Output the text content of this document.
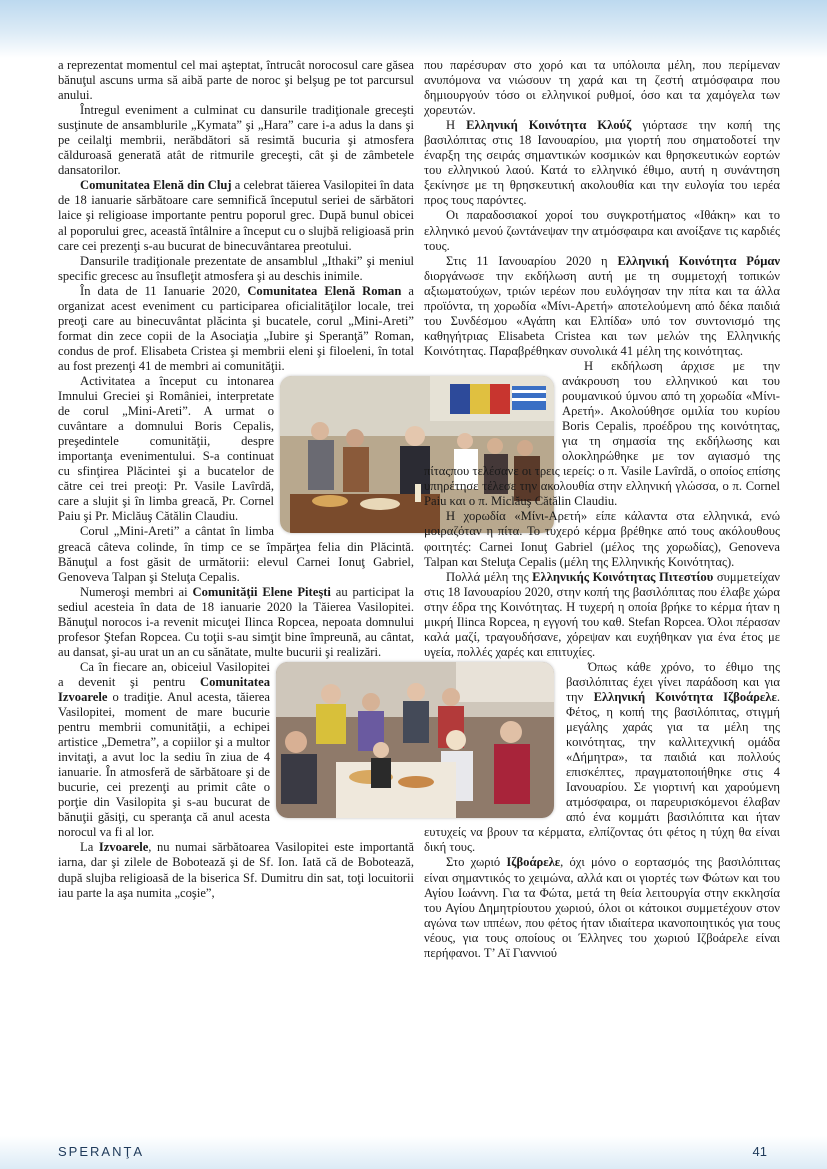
a reprezentat momentul cel mai aşteptat, întrucât norocosul care găsea bănuţul ascuns urma să aibă parte de noroc şi belşug pe tot parcursul anului.

Întregul eveniment a culminat cu dansurile tradiţionale greceşti susţinute de ansamblurile „Kymata” şi „Hara” care i-a adus la dans şi pe ceilalţi membrii, nerăbdători să resimtă bucuria şi atmosfera călduroasă generată atât de ritmurile greceşti, cât şi de zâmbetele dansatorilor.

Comunitatea Elenă din Cluj a celebrat tăierea Vasilopitei în data de 18 ianuarie sărbătoare care semnifică începutul seriei de sărbători laice şi religioase importante pentru poporul grec. După bunul obicei al poporului grec, această întâlnire a început cu o slujbă religioasă prin care cei prezenţi s-au bucurat de binecuvântarea preotului.

Dansurile tradiţionale prezentate de ansamblul „Ithaki” şi meniul specific grecesc au însufleţit atmosfera şi au deschis inimile.

În data de 11 Ianuarie 2020, Comunitatea Elenă Roman a organizat acest eveniment cu participarea oficialităţilor locale, trei preoţi care au binecuvântat plăcinta şi bucatele, corul „Mini-Areti” format din zece copii de la Asociaţia „Iubire şi Speranţă” Roman, condus de prof. Elisabeta Cristea şi membrii eleni şi filoeleni, în total au fost prezenţi 41 de membri ai comunităţii.

Activitatea a început cu intonarea Imnului Greciei şi României, interpretate de corul „Mini-Areti”. A urmat o cuvântare a domnului Boris Cepalis, preşedintele comunităţii, despre importanţa evenimentului. S-a continuat cu sfinţirea Plăcintei şi a bucatelor de către cei trei preoţi: Pr. Vasile Lavîrdă, care a slujit şi în limba greacă, Pr. Cornel Paiu şi Pr. Miclăuş Cătălin Claudiu.

Corul „Mini-Areti” a cântat în limba greacă câteva colinde, în timp ce se împărţea felia din Plăcintă. Bănuţul a fost găsit de următorii: elevul Carnei Ionuţ Gabriel, Genoveva Talpan şi Steluţa Cepalis.

Numeroşi membri ai Comunităţii Elene Piteşti au participat la sediul acesteia în data de 18 ianuarie 2020 la Tăierea Vasilopitei. Bănuţul norocos i-a revenit micuţei Ilinca Ropcea, nepoata domnului profesor Ştefan Ropcea. Cu toţii s-au simţit bine împreună, au cântat, au dansat, şi-au urat un an cu sănătate, multe bucurii şi realizări.

Ca în fiecare an, obiceiul Vasilopitei a devenit şi pentru Comunitatea Izvoarele o tradiţie. Anul acesta, tăierea Vasilopitei, moment de mare bucurie pentru membrii comunităţii, a echipei artistice „Demetra”, a copiilor şi a multor invitaţi, a avut loc la sediu în ziua de 4 ianuarie. În atmosferă de sărbătoare şi de bucurie, cei prezenţi au primit câte o porţie din Vasilopita şi s-au bucurat de bănuţii găsiţi, cu speranţa că anul acesta norocul va fi al lor.

La Izvoarele, nu numai sărbătoarea Vasilopitei este importantă iarna, dar şi zilele de Bobotează şi de Sf. Ion. Iată că de Bobotează, după slujba religioasă de la biserica Sf. Dumitru din sat, toţi locuitorii iau parte la aşa numita „coşie”,

που παρέσυραν στο χορό και τα υπόλοιπα μέλη, που περίμεναν ανυπόμονα να νιώσουν τη χαρά και τη ζεστή ατμόσφαιρα που δημιουργούν τόσο οι ελληνικοί ρυθμοί, όσο και τα χαμόγελα των χορευτών.

Η Ελληνική Κοινότητα Κλούζ γιόρτασε την κοπή της βασιλόπιτας στις 18 Ιανουαρίου, μια γιορτή που σηματοδοτεί την έναρξη της σειράς σημαντικών κοσμικών και θρησκευτικών εορτών του ελληνικού λαού. Κατά το ελληνικό έθιμο, αυτή η συνάντηση ξεκίνησε με τη θρησκευτική ακολουθία και την ευλογία του ιερέα προς τους παρόντες.

Οι παραδοσιακοί χοροί του συγκροτήματος «Ιθάκη» και το ελληνικό μενού ζωντάνεψαν την ατμόσφαιρα και ανοίξανε τις καρδιές τους.

Στις 11 Ιανουαρίου 2020 η Ελληνική Κοινότητα Ρόμαν διοργάνωσε την εκδήλωση αυτή με τη συμμετοχή τοπικών αξιωματούχων, τριών ιερέων που ευλόγησαν την πίτα και τα άλλα προϊόντα, τη χορωδία «Μίνι-Αρετή» αποτελούμενη από δέκα παιδιά του Συνδέσμου «Αγάπη και Ελπίδα» υπό τον συντονισμό της καθηγήτριας Elisabeta Cristea και των μελών της Ελληνικής Κοινότητας. Παραβρέθηκαν συνολικά 41 μέλη της κοινότητας.

Η εκδήλωση άρχισε με την ανάκρουση του ελληνικού και του ρουμανικού ύμνου από τη χορωδία «Μίνι-Αρετή». Ακολούθησε ομιλία του κυρίου Boris Cepalis, προέδρου της κοινότητας, για τη σημασία της εκδήλωσης και ολοκληρώθηκε με τον αγιασμό της πίταςπου τελέσανε οι τρεις ιερείς: ο π. Vasile Lavîrdă, ο οποίος επίσης υπηρέτησε τέλεσε την ακολουθία στην ελληνική γλώσσα, ο π. Cornel Paiu και ο π. Miclăuş Cătălin Claudiu.

Η χορωδία «Μίνι-Αρετή» είπε κάλαντα στα ελληνικά, ενώ μοιραζόταν η πίτα. Το τυχερό κέρμα βρέθηκε από τους ακόλουθους φοιτητές: Carnei Ionuţ Gabriel (μέλος της χορωδίας), Genoveva Talpan και Steluţa Cepalis (μέλη της Ελληνικής Κοινότητας).

Πολλά μέλη της Ελληνικής Κοινότητας Πιτεστίου συμμετείχαν στις 18 Ιανουαρίου 2020, στην κοπή της βασιλόπιτας που έλαβε χώρα στην έδρα της Κοινότητας. Η τυχερή η οποία βρήκε το κέρμα ήταν η μικρή Ilinca Ropcea, η εγγονή του καθ. Stefan Ropcea. Όλοι πέρασαν καλά μαζί, τραγουδήσανε, χόρεψαν και ευχήθηκαν για ένα έτος με υγεία, πολλές χαρές και επιτυχίες.

Όπως κάθε χρόνο, το έθιμο της βασιλόπιτας έχει γίνει παράδοση και για την Ελληνική Κοινότητα Ιζβοάρελε. Φέτος, η κοπή της βασιλόπιτας, στιγμή μεγάλης χαράς για τα μέλη της κοινότητας, την καλλιτεχνική ομάδα «Δήμητρα», τα παιδιά και πολλούς επισκέπτες, πραγματοποιήθηκε στις 4 Ιανουαρίου. Σε γιορτινή και χαρούμενη ατμόσφαιρα, οι παρευρισκόμενοι έλαβαν από ένα κομμάτι βασιλόπιτα και ήταν ευτυχείς να βρουν τα κέρματα, ελπίζοντας ότι φέτος η τύχη θα είναι δική τους.

Στο χωριό Ιζβοάρελε, όχι μόνο ο εορτασμός της βασιλόπιτας είναι σημαντικός το χειμώνα, αλλά και οι γιορτές των Φώτων και του Αγίου Ιωάννη. Για τα Φώτα, μετά τη θεία λειτουργία στην εκκλησία του Αγίου Δημητρίουτου χωριού, όλοι οι κάτοικοι συμμετέχουν στον αγώνα των ιππέων, που φέτος ήταν ιδιαίτερα ικανοποιητικός για τους νέους, για τους οποίους οι Έλληνες του χωριού Ιζβοάρελε είναι περήφανοι. Τ’ Αϊ Γιαννιού

SPERANŢA	41
